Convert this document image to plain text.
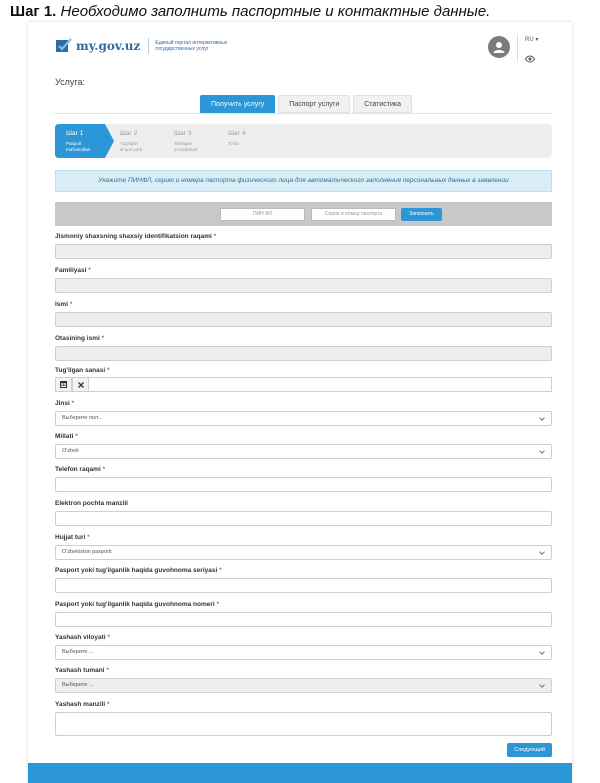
Шаг 1. Необходимо заполнить паспортные и контактные данные.
my.gov.uz	Единый портал интерактивных государственных услуг
RU ▾
Услуга:
Получить услугу	Паспорт услуги	Статистика
Шаг 1
Pasport
ma'lumotlari
Шаг 2
Tug'ilgan
el qon yorti
Шаг 3
Tanlagan
yo'nalishlari
Шаг 4
To'lov
Укажите ПИНФЛ, серию и номера паспорта физического лица для автоматического заполнения персональных данных в заявлении
ПИН ФЛ	Серия и номер паспорта	Заполнить
Jismoniy shaxsning shaxsiy identifikatsion raqami *
Familiyasi *
Ismi *
Otasining ismi *
Tug'ilgan sanasi *
Jinsi *
Выберите пол...
Millati *
O'zbek
Telefon raqami *
Elektron pochta manzili
Hujjat turi *
O'zbekiston pasporti
Pasport yoki tug'ilganlik haqida guvohnoma seriyasi *
Pasport yoki tug'ilganlik haqida guvohnoma nomeri *
Yashash viloyati *
Выберите ...
Yashash tumani *
Выберите ...
Yashash manzili *
Следующий
